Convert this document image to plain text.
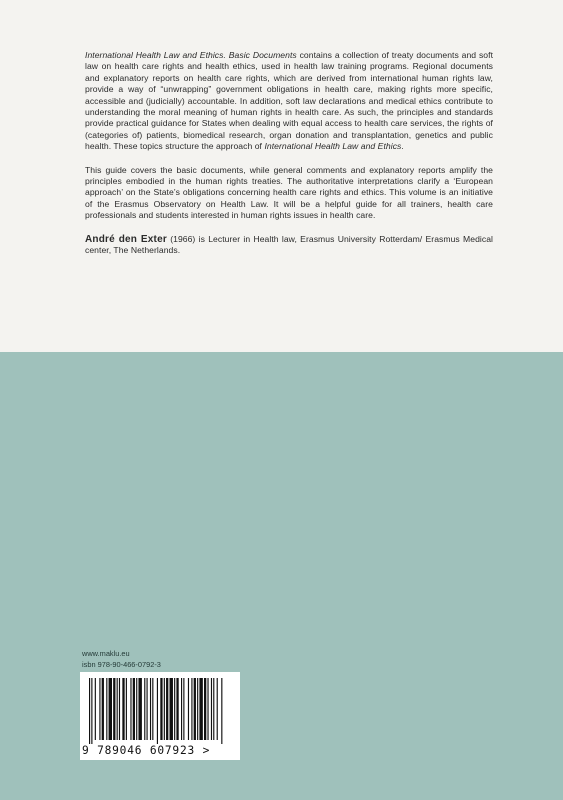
International Health Law and Ethics. Basic Documents contains a collection of treaty documents and soft law on health care rights and health ethics, used in health law training programs. Regional documents and explanatory reports on health care rights, which are derived from international human rights law, provide a way of “unwrapping” government obligations in health care, making rights more specific, accessible and (judicially) accountable. In addition, soft law declarations and medical ethics contribute to understanding the moral meaning of human rights in health care. As such, the principles and standards provide practical guidance for States when dealing with equal access to health care services, the rights of (categories of) patients, biomedical research, organ donation and transplantation, genetics and public health. These topics structure the approach of International Health Law and Ethics.

This guide covers the basic documents, while general comments and explanatory reports amplify the principles embodied in the human rights treaties. The authoritative interpretations clarify a ‘European approach’ on the State’s obligations concerning health care rights and ethics. This volume is an initiative of the Erasmus Observatory on Health Law. It will be a helpful guide for all trainers, health care professionals and students interested in human rights issues in health care.

André den Exter (1966) is Lecturer in Health law, Erasmus University Rotterdam/ Erasmus Medical center, The Netherlands.

www.maklu.eu
isbn 978-90-466-0792-3
9 789046 607923 >
